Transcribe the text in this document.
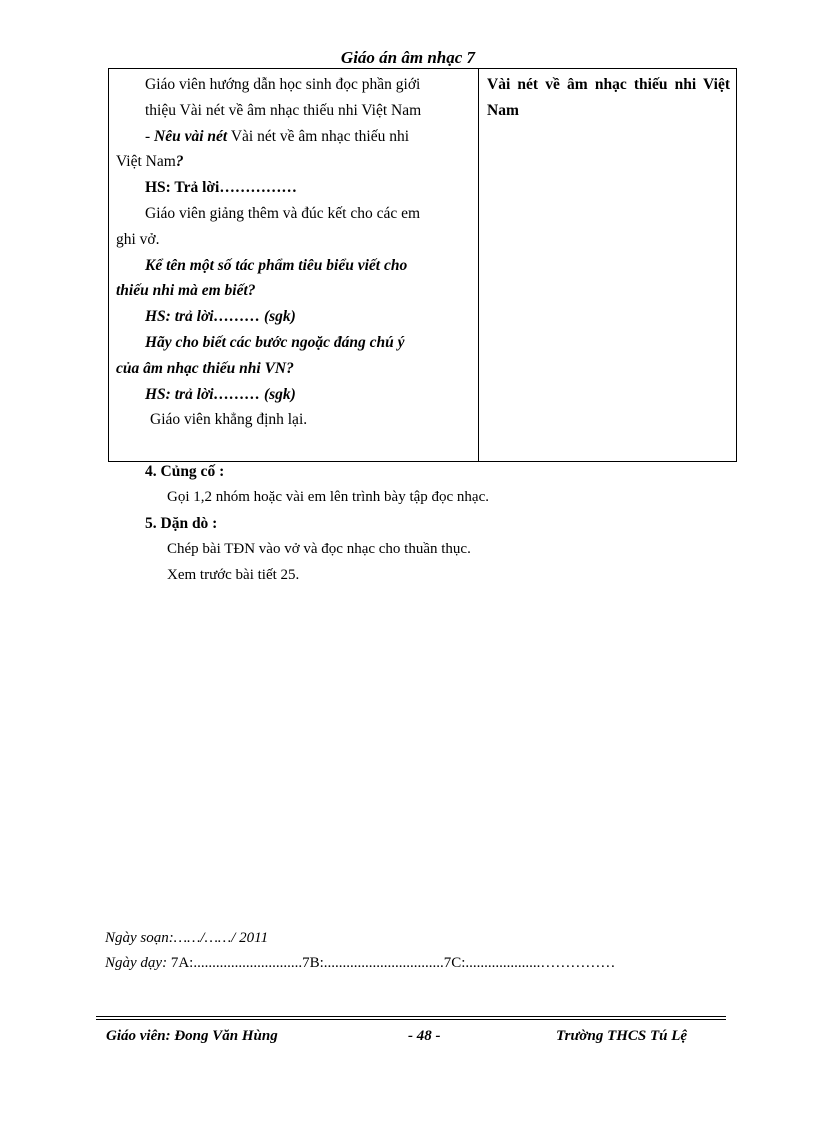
Giáo án âm nhạc 7
Giáo viên hướng dẫn học sinh đọc phần giới
thiệu Vài nét về âm nhạc thiếu nhi Việt Nam
- Nêu vài nét Vài nét về âm nhạc thiếu nhi
Việt Nam?
HS: Trả lời……………
Giáo viên giảng thêm và đúc kết cho các em
ghi vở.
Kể tên một số tác phẩm tiêu biểu viết cho
thiếu nhi mà em biết?
HS: trả lời……… (sgk)
Hãy cho biết các bước ngoặc đáng chú ý
của âm nhạc thiếu nhi VN?
HS: trả lời……… (sgk)
Giáo viên khẳng định lại.
Vài nét về âm nhạc thiếu nhi Việt Nam
4. Củng cố :
Gọi 1,2 nhóm hoặc vài em lên trình bày tập đọc nhạc.
5. Dặn dò :
Chép bài TĐN vào vở và đọc nhạc cho thuần thục.
Xem trước bài tiết 25.
Ngày soạn:……/……/ 2011
Ngày dạy: 7A:.............................7B:................................7C:....................……………
Giáo viên: Đong Văn Hùng	- 48 -	Trường THCS Tú Lệ
